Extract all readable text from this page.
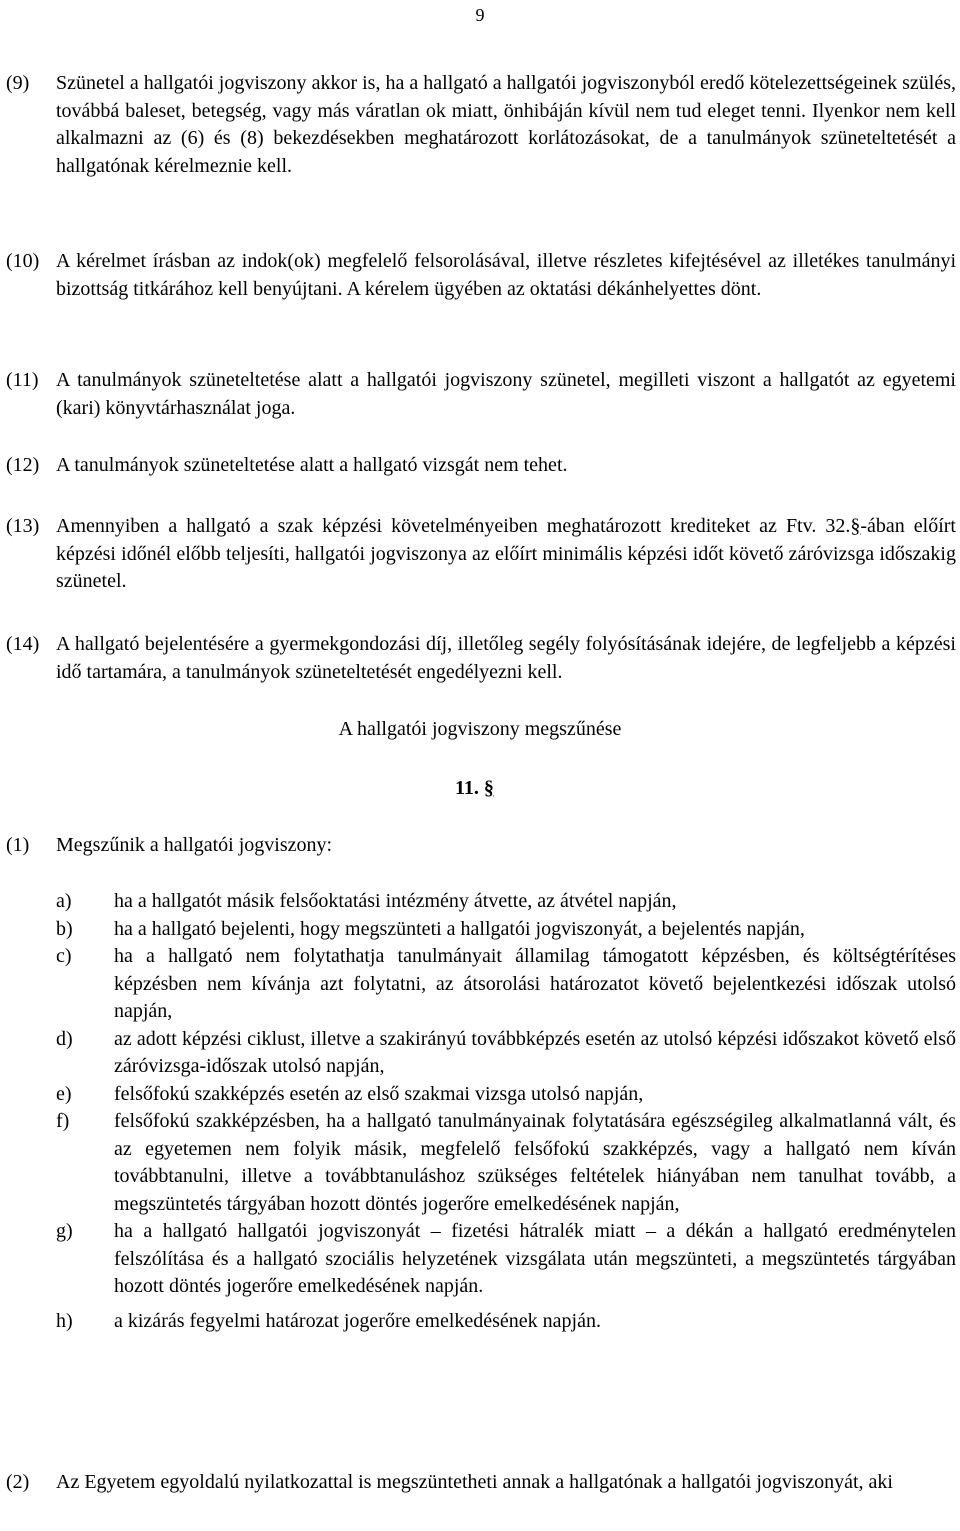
9
(9)	Szünetel a hallgatói jogviszony akkor is, ha a hallgató a hallgatói jogviszonyból eredő kötelezettségeinek szülés, továbbá baleset, betegség, vagy más váratlan ok miatt, önhibáján kívül nem tud eleget tenni. Ilyenkor nem kell alkalmazni az (6) és (8) bekezdésekben meghatározott korlátozásokat, de a tanulmányok szüneteltetését a hallgatónak kérelmeznie kell.
(10) A kérelmet írásban az indok(ok) megfelelő felsorolásával, illetve részletes kifejtésével az illetékes tanulmányi bizottság titkárához kell benyújtani. A kérelem ügyében az oktatási dékánhelyettes dönt.
(11) A tanulmányok szüneteltetése alatt a hallgatói jogviszony szünetel, megilleti viszont a hallgatót az egyetemi (kari) könyvtárhasználat joga.
(12) A tanulmányok szüneteltetése alatt a hallgató vizsgát nem tehet.
(13) Amennyiben a hallgató a szak képzési követelményeiben meghatározott krediteket az Ftv. 32.§-ában előírt képzési időnél előbb teljesíti, hallgatói jogviszonya az előírt minimális képzési időt követő záróvizsga időszakig szünetel.
(14) A hallgató bejelentésére a gyermekgondozási díj, illetőleg segély folyósításának idejére, de legfeljebb a képzési idő tartamára, a tanulmányok szüneteltetését engedélyezni kell.
A hallgatói jogviszony megszűnése
11. §
(1)	Megszűnik a hallgatói jogviszony:
a)	ha a hallgatót másik felsőoktatási intézmény átvette, az átvétel napján,
b)	ha a hallgató bejelenti, hogy megszünteti a hallgatói jogviszonyát, a bejelentés napján,
c)	ha a hallgató nem folytathatja tanulmányait államilag támogatott képzésben, és költségtérítéses képzésben nem kívánja azt folytatni, az átsorolási határozatot követő bejelentkezési időszak utolsó napján,
d)	az adott képzési ciklust, illetve a szakirányú továbbképzés esetén az utolsó képzési időszakot követő első záróvizsga-időszak utolsó napján,
e)	felsőfokú szakképzés esetén az első szakmai vizsga utolsó napján,
f)	felsőfokú szakképzésben, ha a hallgató tanulmányainak folytatására egészségileg alkalmatlanná vált, és az egyetemen nem folyik másik, megfelelő felsőfokú szakképzés, vagy a hallgató nem kíván továbbtanulni, illetve a továbbtanuláshoz szükséges feltételek hiányában nem tanulhat tovább, a megszüntetés tárgyában hozott döntés jogerőre emelkedésének napján,
g)	ha a hallgató hallgatói jogviszonyát – fizetési hátralék miatt – a dékán a hallgató eredménytelen felszólítása és a hallgató szociális helyzetének vizsgálata után megszünteti, a megszüntetés tárgyában hozott döntés jogerőre emelkedésének napján.
h)	a kizárás fegyelmi határozat jogerőre emelkedésének napján.
(2)	Az Egyetem egyoldalú nyilatkozattal is megszüntetheti annak a hallgatónak a hallgatói jogviszonyát, aki
